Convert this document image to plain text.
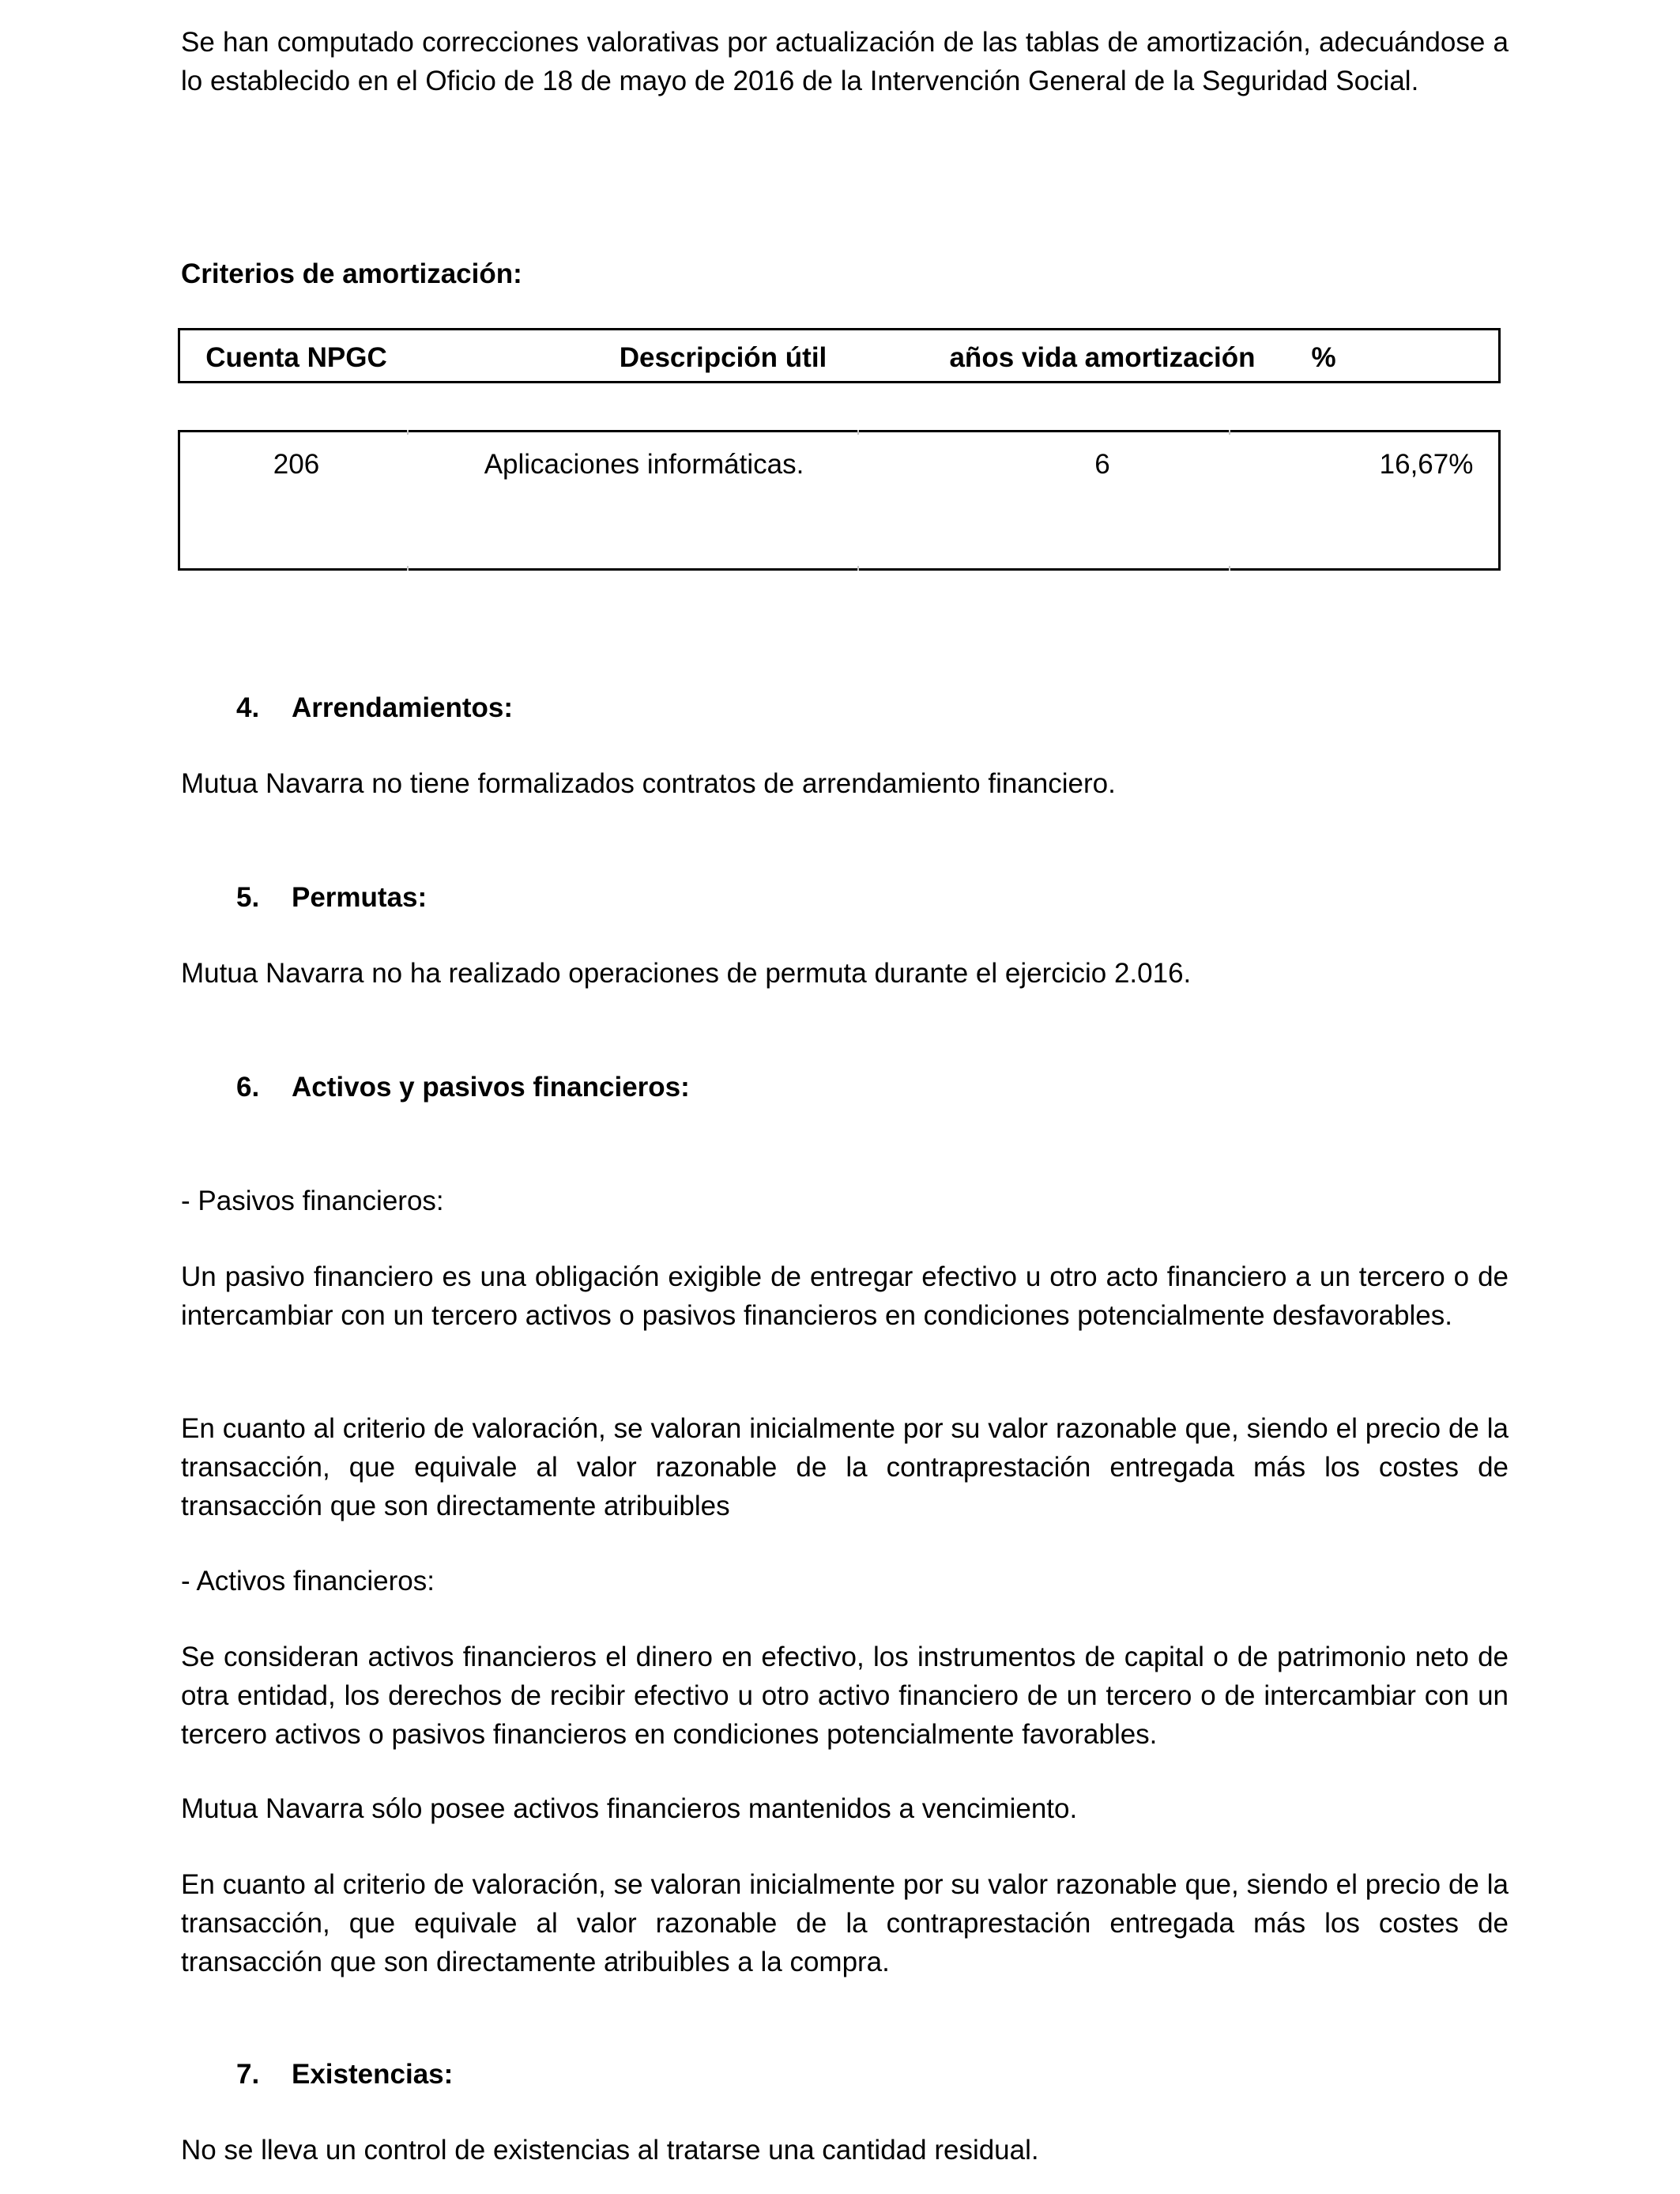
Se han computado correcciones valorativas por actualización de las tablas de amortización, adecuándose a lo establecido en el Oficio de 18 de mayo de 2016 de la Intervención General de la Seguridad Social.
Criterios de amortización:
Cuenta NPGC	Descripción útil	años vida amortización	%
206	Aplicaciones informáticas.	6	16,67%
4.	Arrendamientos:
Mutua Navarra no tiene formalizados contratos de arrendamiento financiero.
5.	Permutas:
Mutua Navarra no ha realizado operaciones de permuta durante el ejercicio 2.016.
6.	Activos y pasivos financieros:
- Pasivos financieros:
Un pasivo financiero es una obligación exigible de entregar efectivo u otro acto financiero a un tercero o de intercambiar con un tercero activos o pasivos financieros en condiciones potencialmente desfavorables.
En cuanto al criterio de valoración, se valoran inicialmente por su valor razonable que, siendo el precio de la transacción, que equivale al valor razonable de la contraprestación entregada más los costes de transacción que son directamente atribuibles
- Activos financieros:
Se consideran activos financieros el dinero en efectivo, los instrumentos de capital o de patrimonio neto de otra entidad, los derechos de recibir efectivo u otro activo financiero de un tercero o de intercambiar con un tercero activos o pasivos financieros en condiciones potencialmente favorables.
Mutua Navarra sólo posee activos financieros mantenidos a vencimiento.
En cuanto al criterio de valoración, se valoran inicialmente por su valor razonable que, siendo el precio de la transacción, que equivale al valor razonable de la contraprestación entregada más los costes de transacción que son directamente atribuibles a la compra.
7.	Existencias:
No se lleva un control de existencias al tratarse una cantidad residual.
